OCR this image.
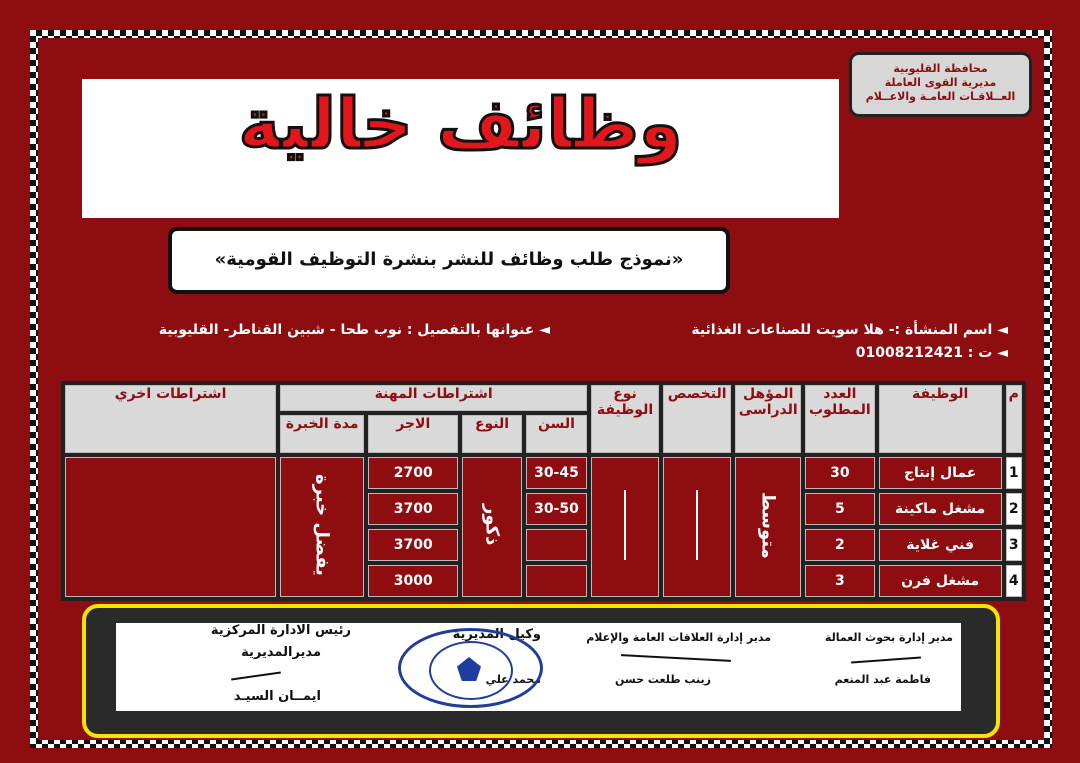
محافظة القليوبية
مديرية القوى العاملة
العــلاقـات العامـة والاعــلام
وظائف خالية
«نموذج طلب وظائف للنشر بنشرة التوظيف القومية»
◄ اسم المنشأة :- هلا سويت للصناعات الغذائية
◄ ت : 01008212421
◄ عنوانها بالتفصيل : نوب طحا - شبين القناطر- القليوبية
م	الوظيفة	العدد المطلوب	المؤهل الدراسى	التخصص	نوع الوظيفة	اشتراطات المهنة				اشتراطات اخري
						السن	النوع	الاجر	مدة الخبرة	
1	عمال إنتاج	30	متوسط			30-45	ذكور	2700	يفضل خبرة	
2	مشغل ماكينة	5				30-50		3700		
3	فني غلاية	2						3700		
4	مشغل فرن	3						3000		
مدير إدارة بحوث العمالة
فاطمة عبد المنعم
مدير إدارة العلاقات العامة والإعلام
زينب طلعت حسن
وكيل المديرية
محمد علي
رئيس الادارة المركزية
مديرالمديرية
ايمــان السيـد
